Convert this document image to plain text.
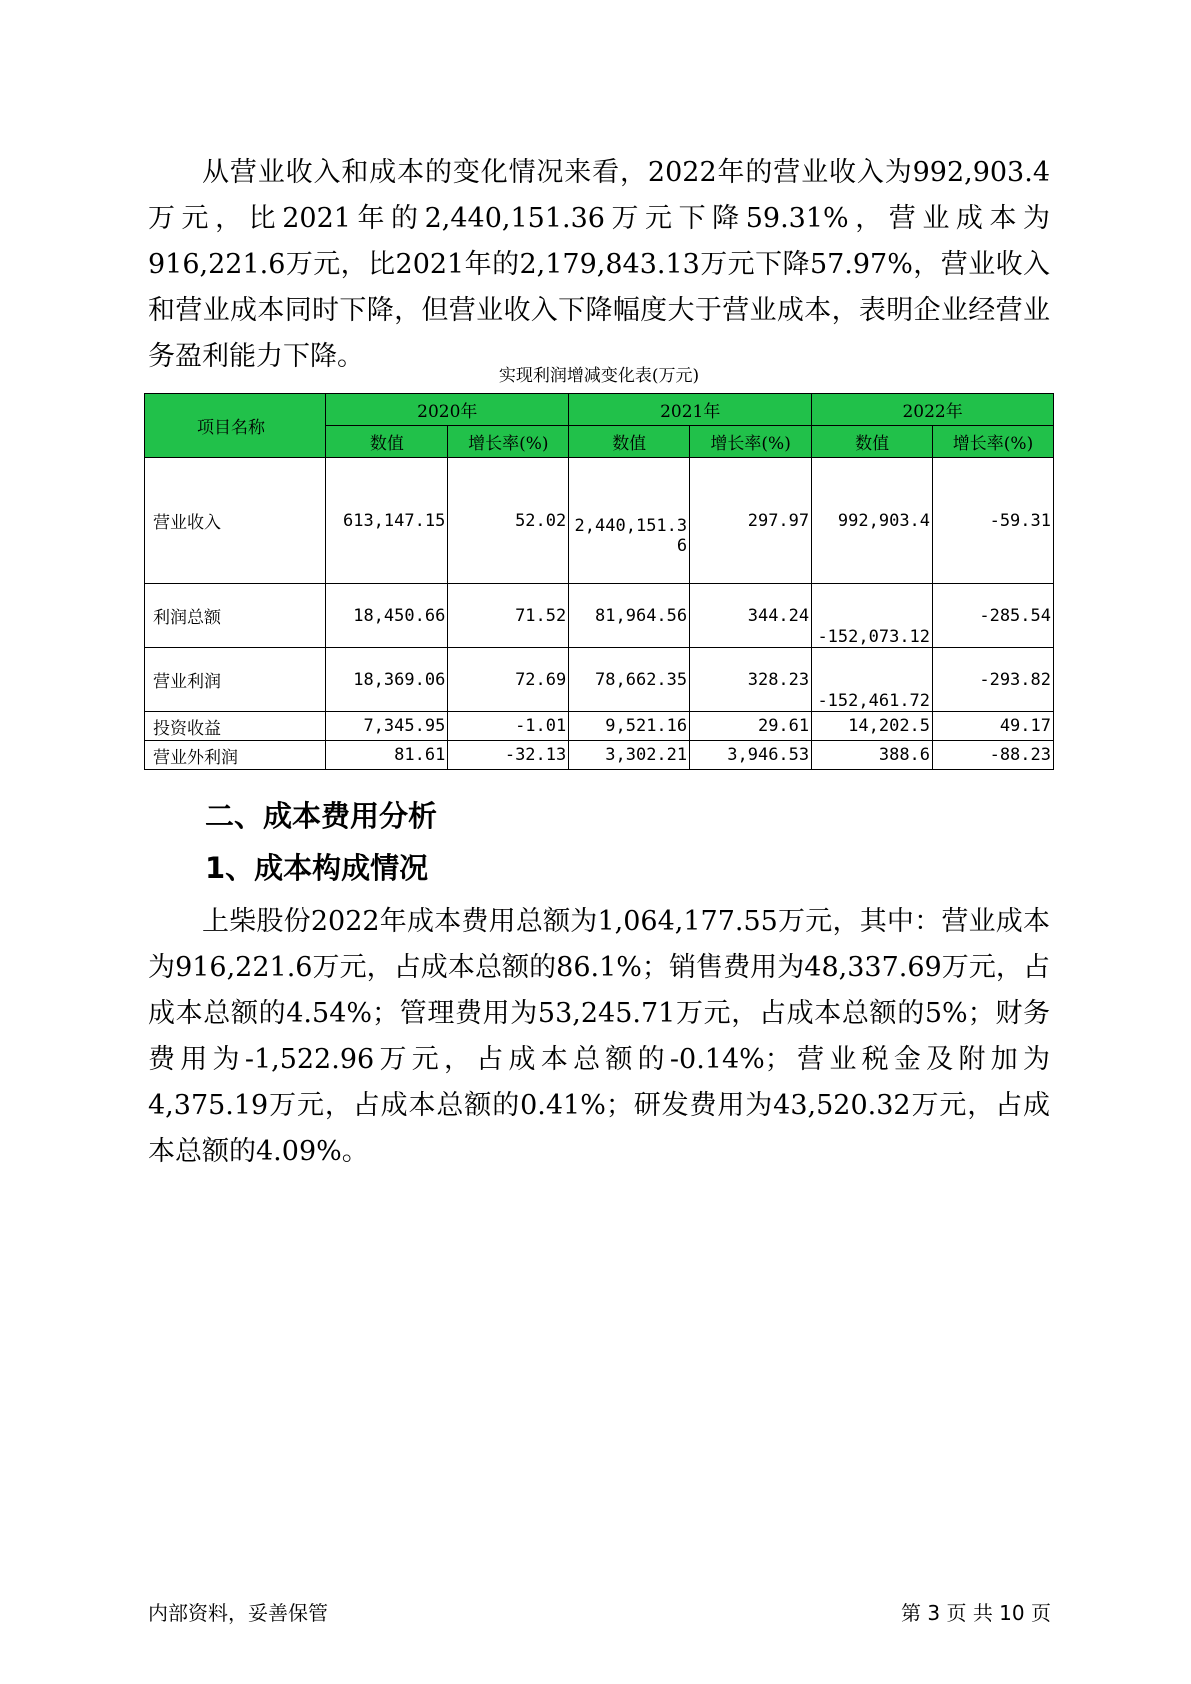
从营业收入和成本的变化情况来看，2022年的营业收入为992,903.4万元，比2021年的2,440,151.36万元下降59.31%，营业成本为916,221.6万元，比2021年的2,179,843.13万元下降57.97%，营业收入和营业成本同时下降，但营业收入下降幅度大于营业成本，表明企业经营业务盈利能力下降。

实现利润增减变化表(万元)
项目名称	2020年		2021年		2022年	
	数值	增长率(%)	数值	增长率(%)	数值	增长率(%)
营业收入	613,147.15	52.02	2,440,151.36	297.97	992,903.4	-59.31
利润总额	18,450.66	71.52	81,964.56	344.24	-152,073.12	-285.54
营业利润	18,369.06	72.69	78,662.35	328.23	-152,461.72	-293.82
投资收益	7,345.95	-1.01	9,521.16	29.61	14,202.5	49.17
营业外利润	81.61	-32.13	3,302.21	3,946.53	388.6	-88.23
二、成本费用分析
1、成本构成情况

上柴股份2022年成本费用总额为1,064,177.55万元，其中：营业成本为916,221.6万元，占成本总额的86.1%；销售费用为48,337.69万元，占成本总额的4.54%；管理费用为53,245.71万元，占成本总额的5%；财务费用为-1,522.96万元，占成本总额的-0.14%；营业税金及附加为4,375.19万元，占成本总额的0.41%；研发费用为43,520.32万元，占成本总额的4.09%。

内部资料，妥善保管	第 3 页 共 10 页
